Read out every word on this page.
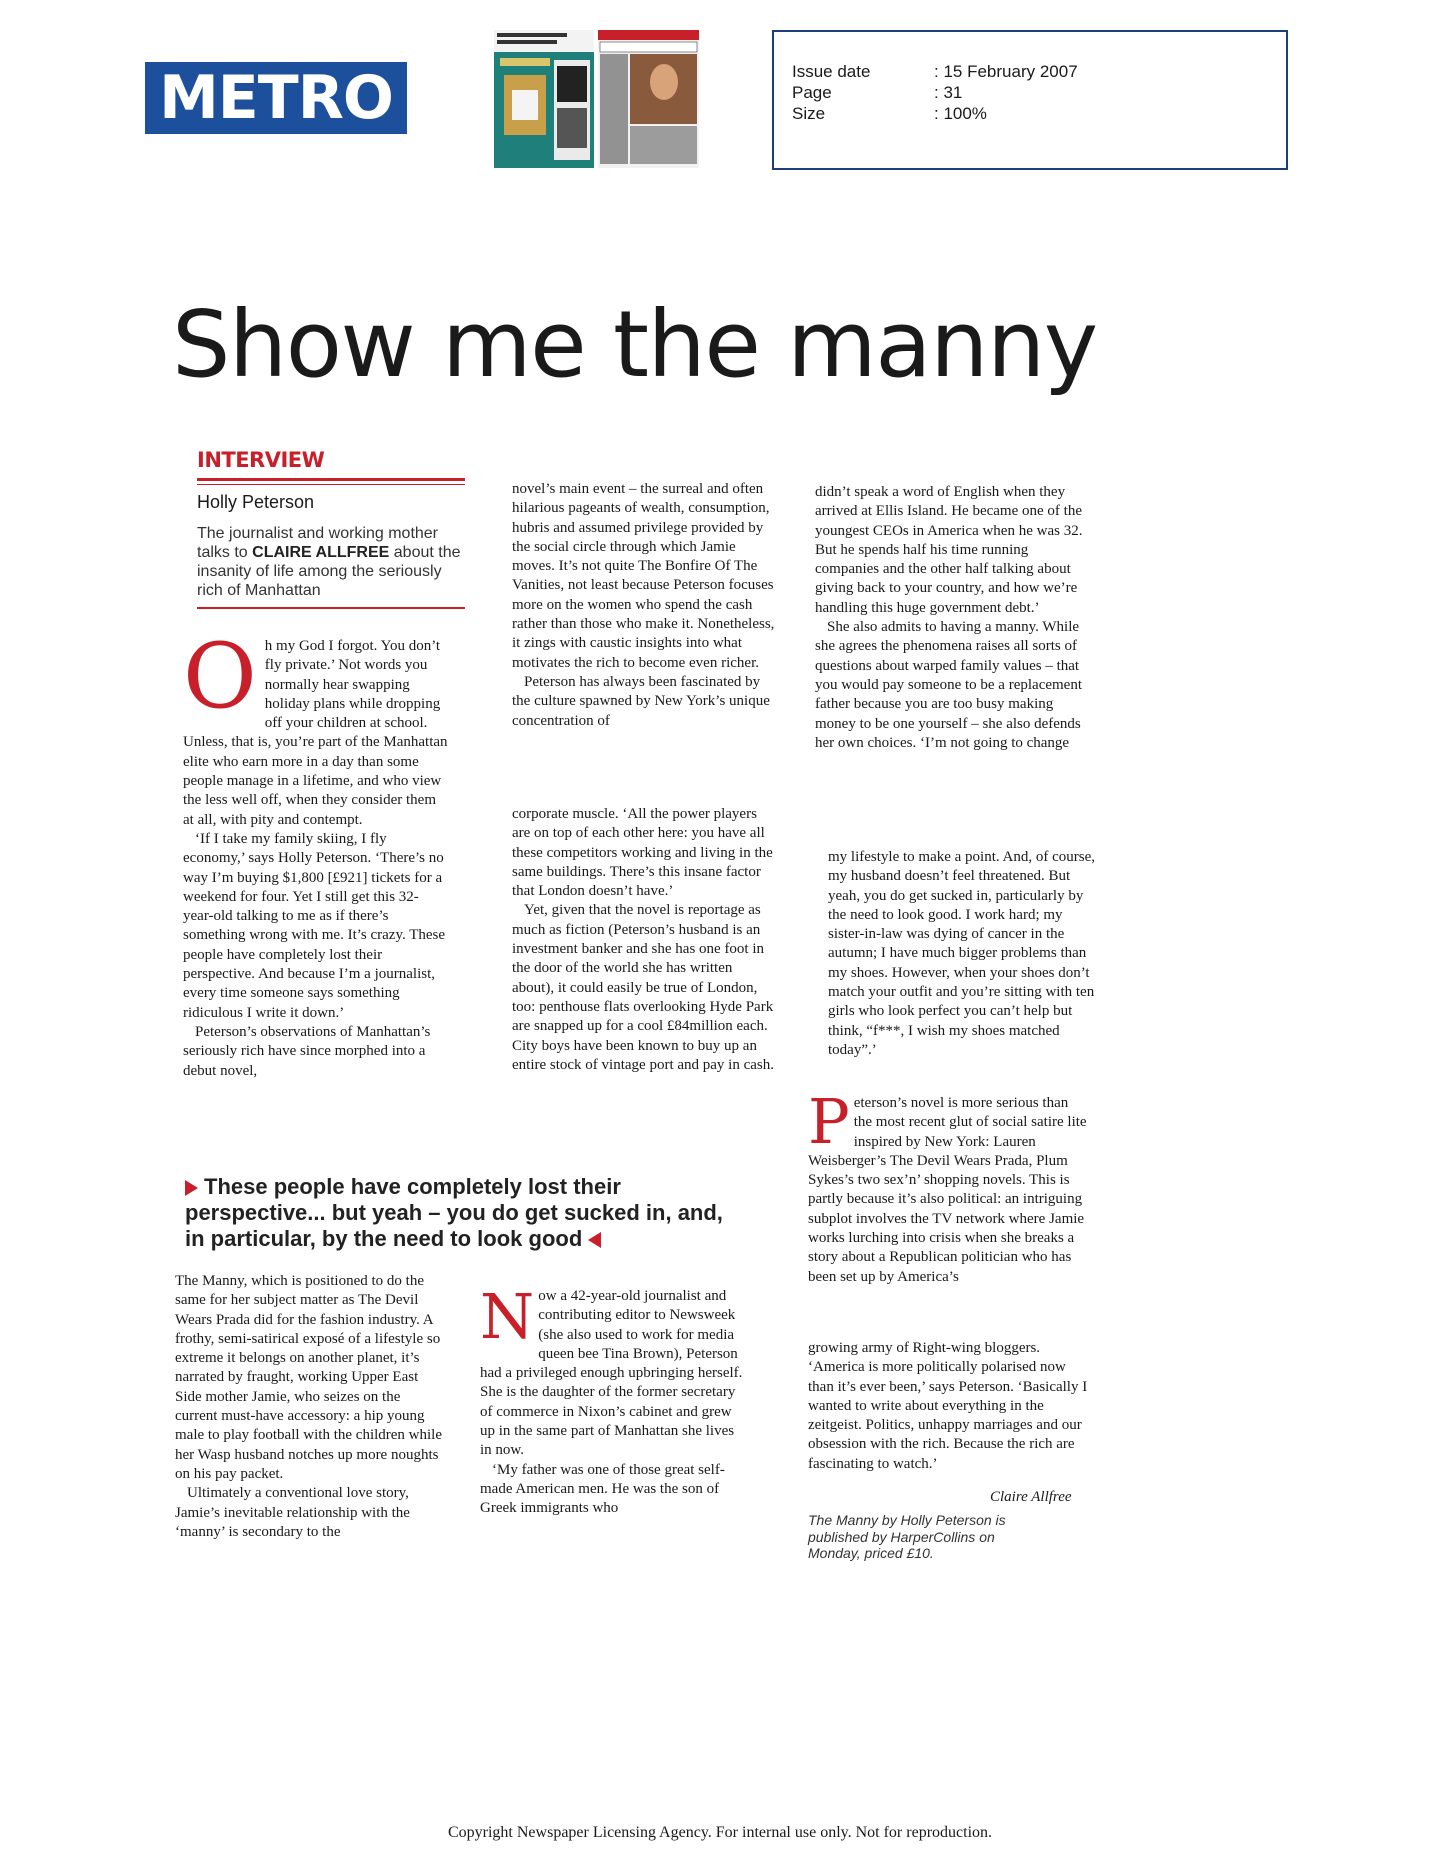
METRO	Issue date	: 15 February 2007
Page	: 31
Size	: 100%
Show me the manny
INTERVIEW
Holly Peterson
The journalist and working mother talks to CLAIRE ALLFREE about the insanity of life among the seriously rich of Manhattan
O h my God I forgot. You don’t fly private.’ Not words you normally hear swapping holiday plans while dropping off your children at school. Unless, that is, you’re part of the Manhattan elite who earn more in a day than some people manage in a lifetime, and who view the less well off, when they consider them at all, with pity and contempt.

‘If I take my family skiing, I fly economy,’ says Holly Peterson. ‘There’s no way I’m buying $1,800 [£921] tickets for a weekend for four. Yet I still get this 32-year-old talking to me as if there’s something wrong with me. It’s crazy. These people have completely lost their perspective. And because I’m a journalist, every time someone says something ridiculous I write it down.’

Peterson’s observations of Manhattan’s seriously rich have since morphed into a debut novel,

novel’s main event – the surreal and often hilarious pageants of wealth, consumption, hubris and assumed privilege provided by the social circle through which Jamie moves. It’s not quite The Bonfire Of The Vanities, not least because Peterson focuses more on the women who spend the cash rather than those who make it. Nonetheless, it zings with caustic insights into what motivates the rich to become even richer.

Peterson has always been fascinated by the culture spawned by New York’s unique concentration of

corporate muscle. ‘All the power players are on top of each other here: you have all these competitors working and living in the same buildings. There’s this insane factor that London doesn’t have.’

Yet, given that the novel is reportage as much as fiction (Peterson’s husband is an investment banker and she has one foot in the door of the world she has written about), it could easily be true of London, too: penthouse flats overlooking Hyde Park are snapped up for a cool £84million each. City boys have been known to buy up an entire stock of vintage port and pay in cash.

didn’t speak a word of English when they arrived at Ellis Island. He became one of the youngest CEOs in America when he was 32. But he spends half his time running companies and the other half talking about giving back to your country, and how we’re handling this huge government debt.’

She also admits to having a manny. While she agrees the phenomena raises all sorts of questions about warped family values – that you would pay someone to be a replacement father because you are too busy making money to be one yourself – she also defends her own choices. ‘I’m not going to change

my lifestyle to make a point. And, of course, my husband doesn’t feel threatened. But yeah, you do get sucked in, particularly by the need to look good. I work hard; my sister-in-law was dying of cancer in the autumn; I have much bigger problems than my shoes. However, when your shoes don’t match your outfit and you’re sitting with ten girls who look perfect you can’t help but think, “f***, I wish my shoes matched today”.’

P eterson’s novel is more serious than the most recent glut of social satire lite inspired by New York: Lauren Weisberger’s The Devil Wears Prada, Plum Sykes’s two sex’n’ shopping novels. This is partly because it’s also political: an intriguing subplot involves the TV network where Jamie works lurching into crisis when she breaks a story about a Republican politician who has been set up by America’s

growing army of Right-wing bloggers. ‘America is more politically polarised now than it’s ever been,’ says Peterson. ‘Basically I wanted to write about everything in the zeitgeist. Politics, unhappy marriages and our obsession with the rich. Because the rich are fascinating to watch.’

Claire Allfree
The Manny by Holly Peterson is published by HarperCollins on Monday, priced £10.
These people have completely lost their perspective... but yeah – you do get sucked in, and, in particular, by the need to look good

The Manny, which is positioned to do the same for her subject matter as The Devil Wears Prada did for the fashion industry. A frothy, semi-satirical exposé of a lifestyle so extreme it belongs on another planet, it’s narrated by fraught, working Upper East Side mother Jamie, who seizes on the current must-have accessory: a hip young male to play football with the children while her Wasp husband notches up more noughts on his pay packet.

Ultimately a conventional love story, Jamie’s inevitable relationship with the ‘manny’ is secondary to the

N ow a 42-year-old journalist and contributing editor to Newsweek (she also used to work for media queen bee Tina Brown), Peterson had a privileged enough upbringing herself. She is the daughter of the former secretary of commerce in Nixon’s cabinet and grew up in the same part of Manhattan she lives in now.

‘My father was one of those great self-made American men. He was the son of Greek immigrants who

Copyright Newspaper Licensing Agency. For internal use only. Not for reproduction.
